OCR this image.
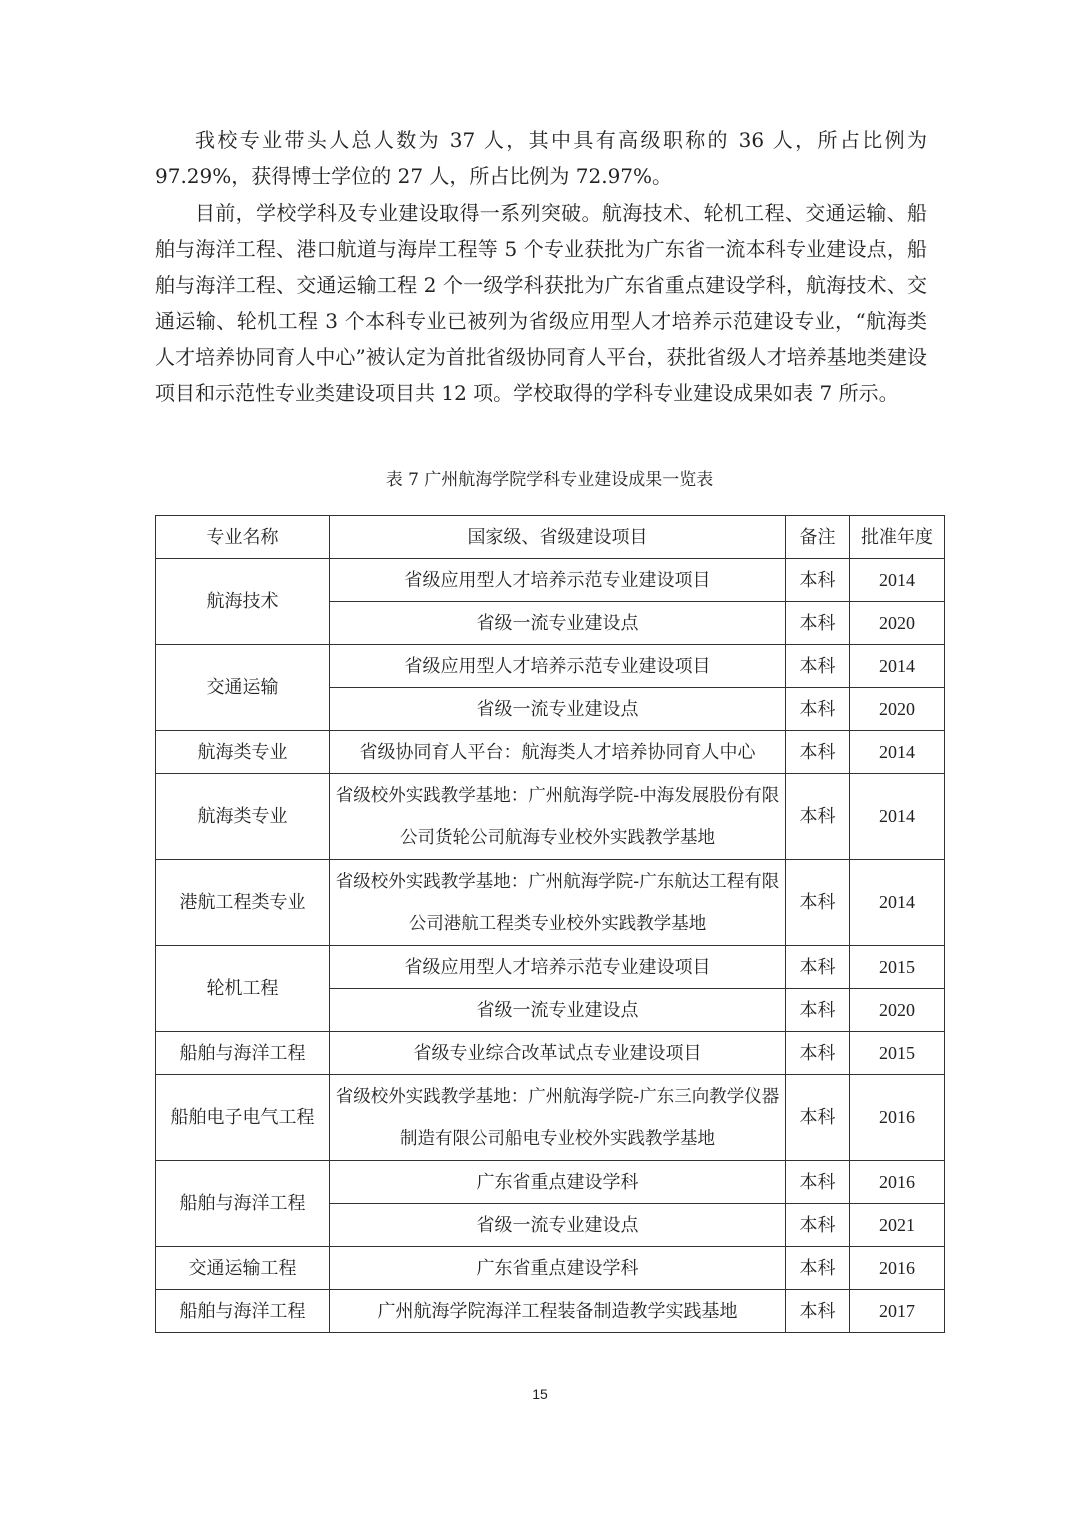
我校专业带头人总人数为 37 人，其中具有高级职称的 36 人，所占比例为97.29%，获得博士学位的 27 人，所占比例为 72.97%。

目前，学校学科及专业建设取得一系列突破。航海技术、轮机工程、交通运输、船舶与海洋工程、港口航道与海岸工程等 5 个专业获批为广东省一流本科专业建设点，船舶与海洋工程、交通运输工程 2 个一级学科获批为广东省重点建设学科，航海技术、交通运输、轮机工程 3 个本科专业已被列为省级应用型人才培养示范建设专业，“航海类人才培养协同育人中心”被认定为首批省级协同育人平台，获批省级人才培养基地类建设项目和示范性专业类建设项目共 12 项。学校取得的学科专业建设成果如表 7 所示。

表 7 广州航海学院学科专业建设成果一览表
专业名称	国家级、省级建设项目	备注	批准年度
航海技术	省级应用型人才培养示范专业建设项目	本科	2014
	省级一流专业建设点	本科	2020
交通运输	省级应用型人才培养示范专业建设项目	本科	2014
	省级一流专业建设点	本科	2020
航海类专业	省级协同育人平台：航海类人才培养协同育人中心	本科	2014
航海类专业	省级校外实践教学基地：广州航海学院-中海发展股份有限公司货轮公司航海专业校外实践教学基地	本科	2014
港航工程类专业	省级校外实践教学基地：广州航海学院-广东航达工程有限公司港航工程类专业校外实践教学基地	本科	2014
轮机工程	省级应用型人才培养示范专业建设项目	本科	2015
	省级一流专业建设点	本科	2020
船舶与海洋工程	省级专业综合改革试点专业建设项目	本科	2015
船舶电子电气工程	省级校外实践教学基地：广州航海学院-广东三向教学仪器制造有限公司船电专业校外实践教学基地	本科	2016
船舶与海洋工程	广东省重点建设学科	本科	2016
	省级一流专业建设点	本科	2021
交通运输工程	广东省重点建设学科	本科	2016
船舶与海洋工程	广州航海学院海洋工程装备制造教学实践基地	本科	2017
15
